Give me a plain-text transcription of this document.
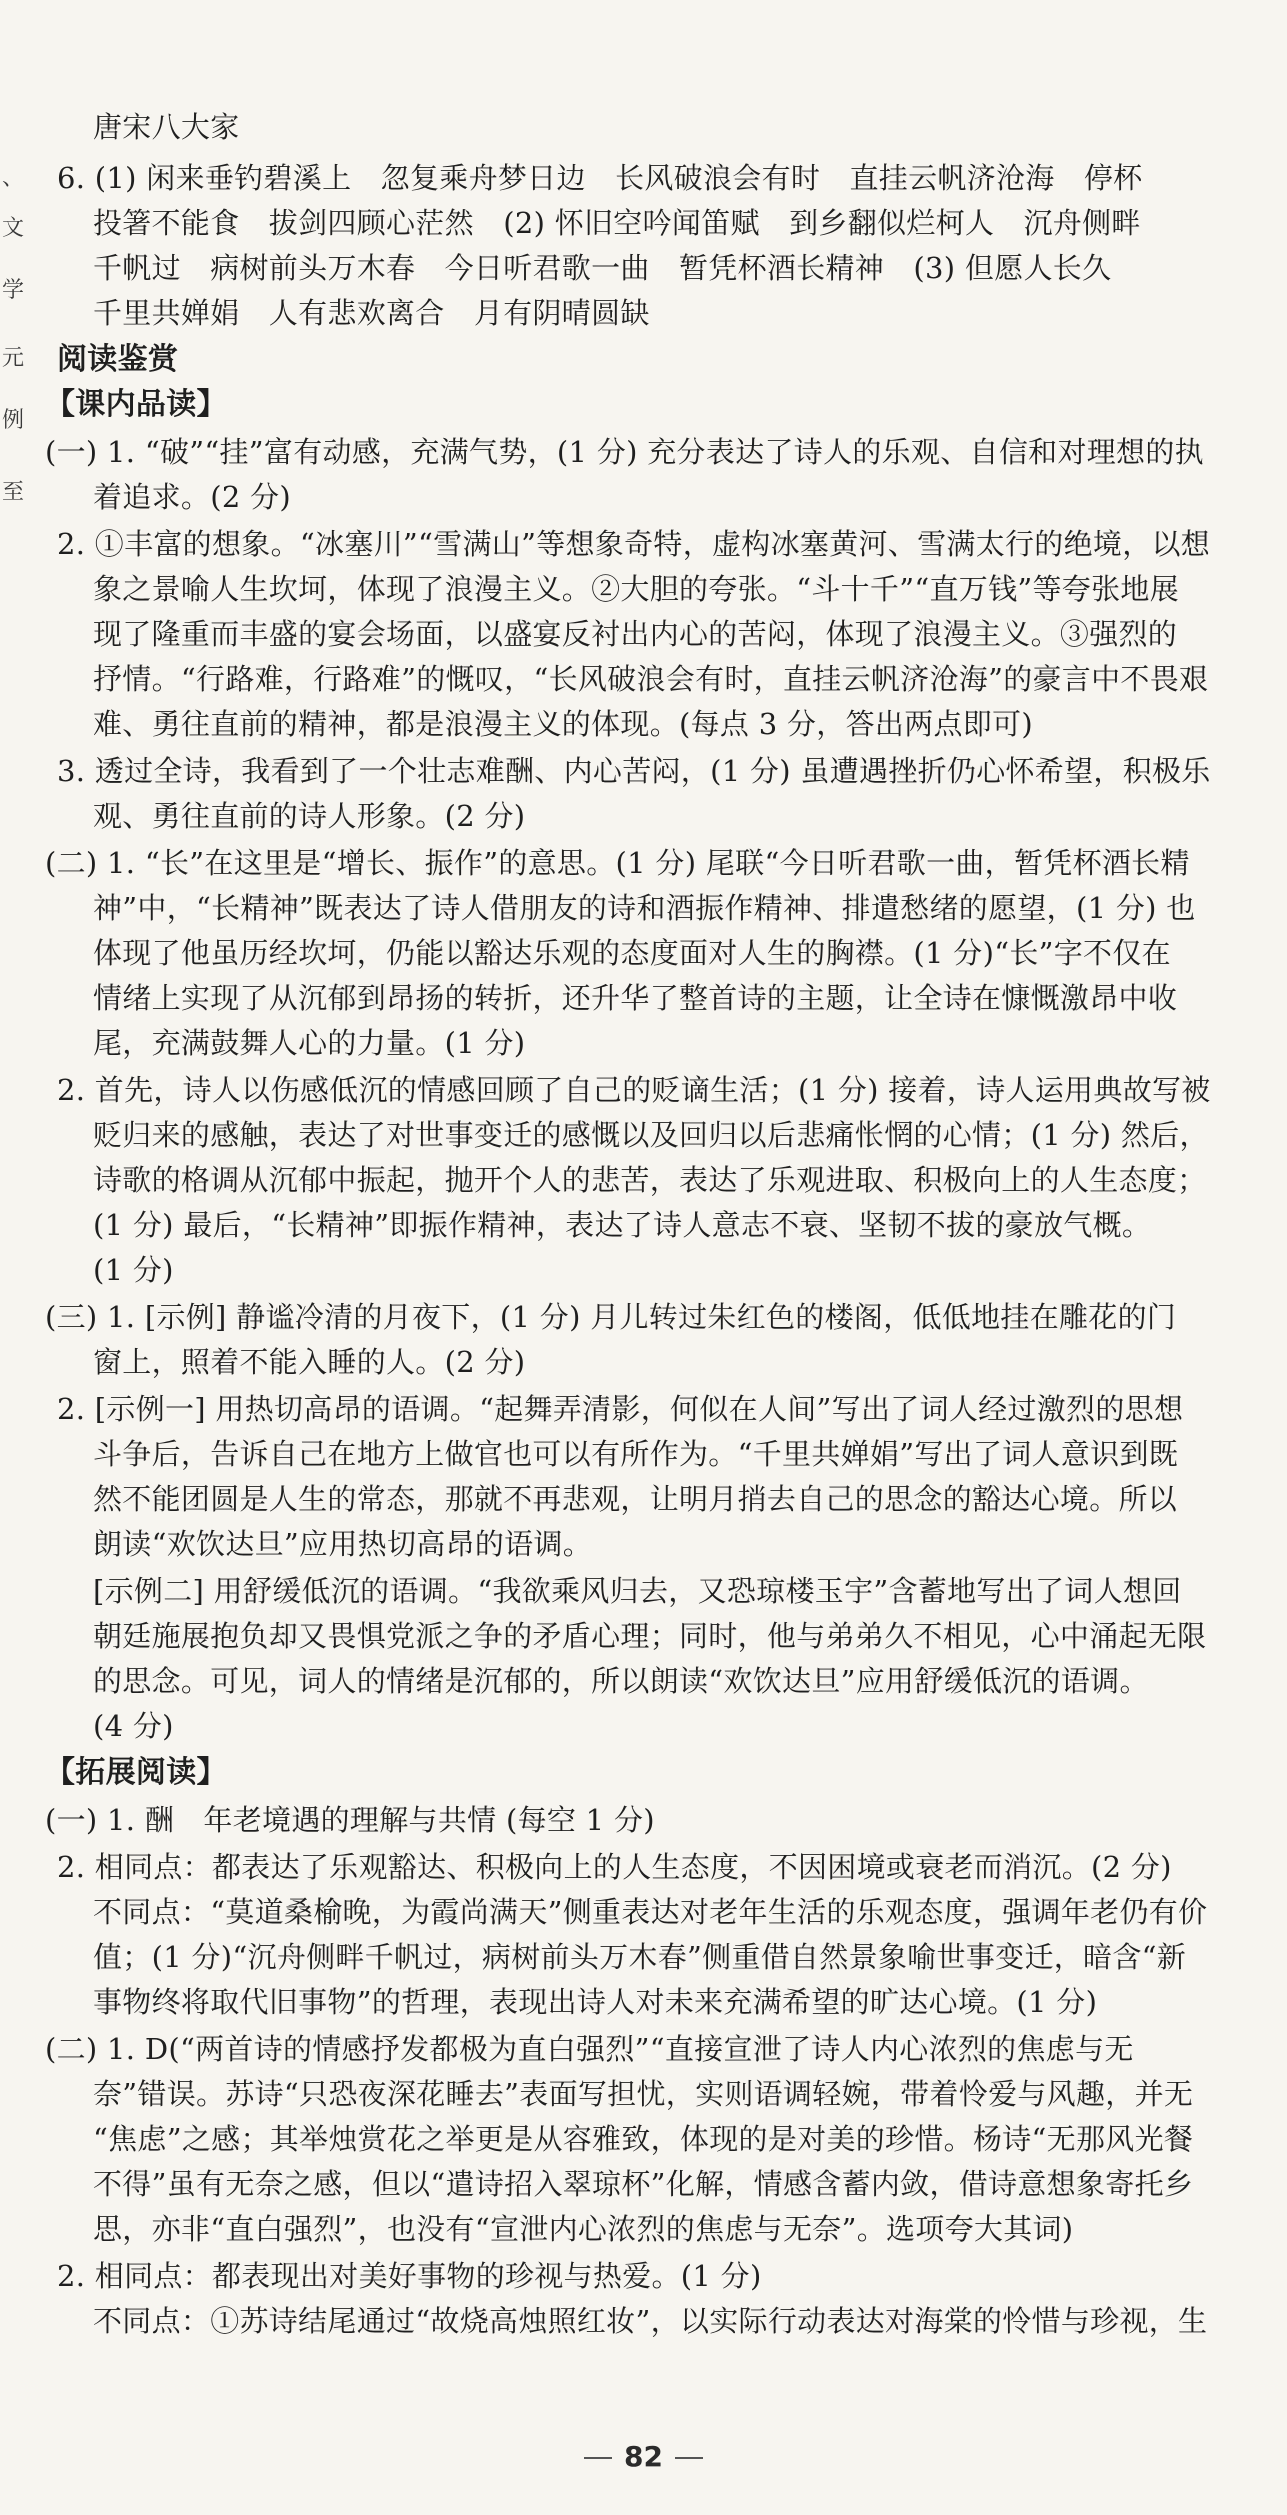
、
文
学
元
例
至
唐宋八大家
6. (1) 闲来垂钓碧溪上　忽复乘舟梦日边　长风破浪会有时　直挂云帆济沧海　停杯
投箸不能食　拔剑四顾心茫然　(2) 怀旧空吟闻笛赋　到乡翻似烂柯人　沉舟侧畔
千帆过　病树前头万木春　今日听君歌一曲　暂凭杯酒长精神　(3) 但愿人长久
千里共婵娟　人有悲欢离合　月有阴晴圆缺
阅读鉴赏
【课内品读】
(一) 1. “破”“挂”富有动感，充满气势，(1 分) 充分表达了诗人的乐观、自信和对理想的执
着追求。(2 分)
2. ①丰富的想象。“冰塞川”“雪满山”等想象奇特，虚构冰塞黄河、雪满太行的绝境，以想
象之景喻人生坎坷，体现了浪漫主义。②大胆的夸张。“斗十千”“直万钱”等夸张地展
现了隆重而丰盛的宴会场面，以盛宴反衬出内心的苦闷，体现了浪漫主义。③强烈的
抒情。“行路难，行路难”的慨叹，“长风破浪会有时，直挂云帆济沧海”的豪言中不畏艰
难、勇往直前的精神，都是浪漫主义的体现。(每点 3 分，答出两点即可)
3. 透过全诗，我看到了一个壮志难酬、内心苦闷，(1 分) 虽遭遇挫折仍心怀希望，积极乐
观、勇往直前的诗人形象。(2 分)
(二) 1. “长”在这里是“增长、振作”的意思。(1 分) 尾联“今日听君歌一曲，暂凭杯酒长精
神”中，“长精神”既表达了诗人借朋友的诗和酒振作精神、排遣愁绪的愿望，(1 分) 也
体现了他虽历经坎坷，仍能以豁达乐观的态度面对人生的胸襟。(1 分)“长”字不仅在
情绪上实现了从沉郁到昂扬的转折，还升华了整首诗的主题，让全诗在慷慨激昂中收
尾，充满鼓舞人心的力量。(1 分)
2. 首先，诗人以伤感低沉的情感回顾了自己的贬谪生活；(1 分) 接着，诗人运用典故写被
贬归来的感触，表达了对世事变迁的感慨以及回归以后悲痛怅惘的心情；(1 分) 然后，
诗歌的格调从沉郁中振起，抛开个人的悲苦，表达了乐观进取、积极向上的人生态度；
(1 分) 最后，“长精神”即振作精神，表达了诗人意志不衰、坚韧不拔的豪放气概。
(1 分)
(三) 1. [示例] 静谧冷清的月夜下，(1 分) 月儿转过朱红色的楼阁，低低地挂在雕花的门
窗上，照着不能入睡的人。(2 分)
2. [示例一] 用热切高昂的语调。“起舞弄清影，何似在人间”写出了词人经过激烈的思想
斗争后，告诉自己在地方上做官也可以有所作为。“千里共婵娟”写出了词人意识到既
然不能团圆是人生的常态，那就不再悲观，让明月捎去自己的思念的豁达心境。所以
朗读“欢饮达旦”应用热切高昂的语调。
[示例二] 用舒缓低沉的语调。“我欲乘风归去，又恐琼楼玉宇”含蓄地写出了词人想回
朝廷施展抱负却又畏惧党派之争的矛盾心理；同时，他与弟弟久不相见，心中涌起无限
的思念。可见，词人的情绪是沉郁的，所以朗读“欢饮达旦”应用舒缓低沉的语调。
(4 分)
【拓展阅读】
(一) 1. 酬　年老境遇的理解与共情 (每空 1 分)
2. 相同点：都表达了乐观豁达、积极向上的人生态度，不因困境或衰老而消沉。(2 分)
不同点：“莫道桑榆晚，为霞尚满天”侧重表达对老年生活的乐观态度，强调年老仍有价
值；(1 分)“沉舟侧畔千帆过，病树前头万木春”侧重借自然景象喻世事变迁，暗含“新
事物终将取代旧事物”的哲理，表现出诗人对未来充满希望的旷达心境。(1 分)
(二) 1. D(“两首诗的情感抒发都极为直白强烈”“直接宣泄了诗人内心浓烈的焦虑与无
奈”错误。苏诗“只恐夜深花睡去”表面写担忧，实则语调轻婉，带着怜爱与风趣，并无
“焦虑”之感；其举烛赏花之举更是从容雅致，体现的是对美的珍惜。杨诗“无那风光餐
不得”虽有无奈之感，但以“遣诗招入翠琼杯”化解，情感含蓄内敛，借诗意想象寄托乡
思，亦非“直白强烈”，也没有“宣泄内心浓烈的焦虑与无奈”。选项夸大其词)
2. 相同点：都表现出对美好事物的珍视与热爱。(1 分)
不同点：①苏诗结尾通过“故烧高烛照红妆”，以实际行动表达对海棠的怜惜与珍视，生
82
